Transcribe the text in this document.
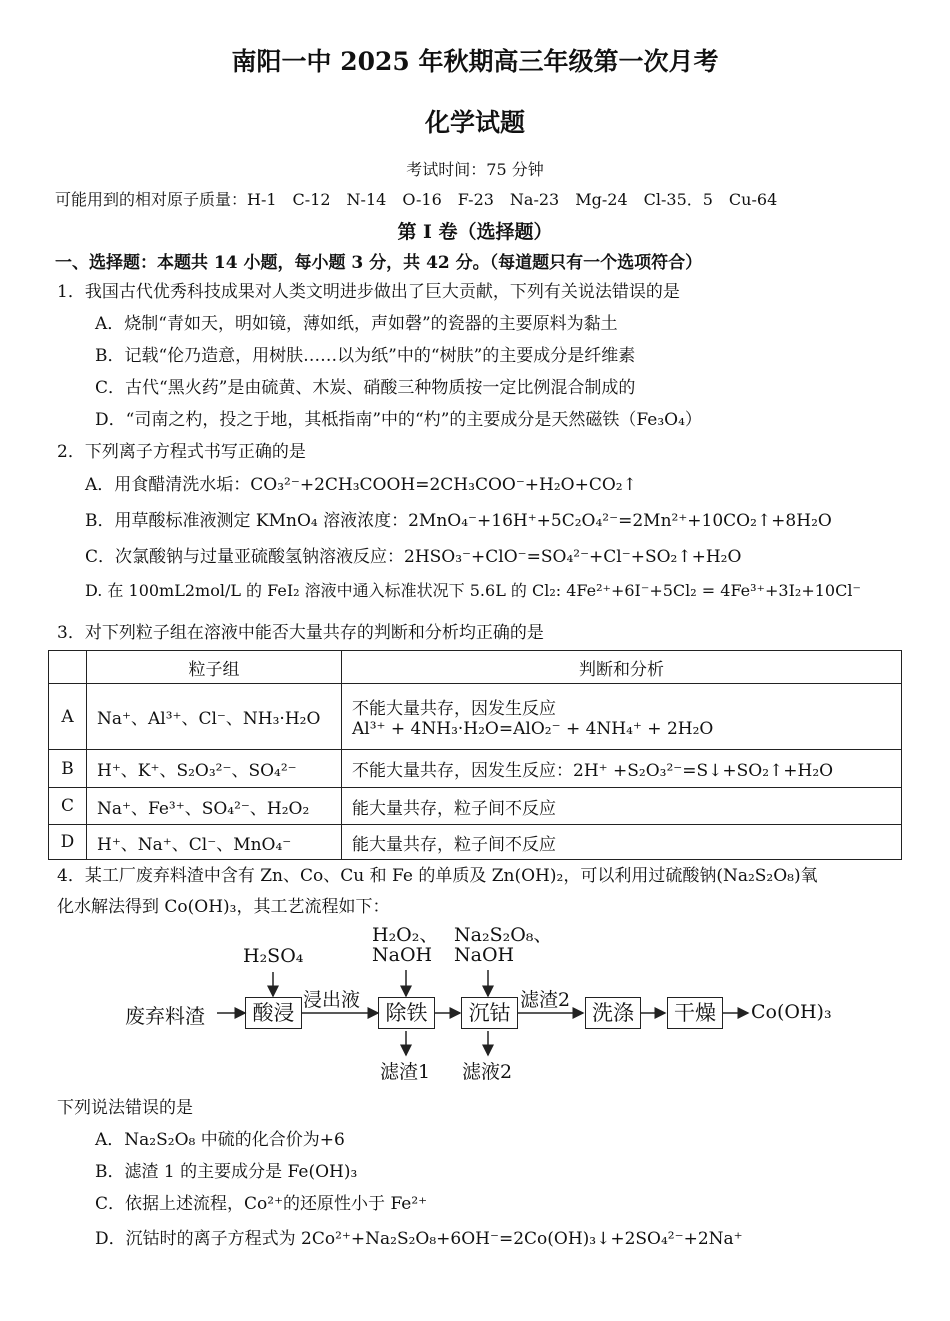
南阳一中 2025 年秋期高三年级第一次月考
化学试题
考试时间：75 分钟
可能用到的相对原子质量：H-1　C-12　N-14　O-16　F-23　Na-23　Mg-24　Cl-35．5　Cu-64
第 I 卷（选择题）
一、选择题：本题共 14 小题，每小题 3 分，共 42 分。（每道题只有一个选项符合）
1．我国古代优秀科技成果对人类文明进步做出了巨大贡献，下列有关说法错误的是
A．烧制“青如天，明如镜，薄如纸，声如磬”的瓷器的主要原料为黏土
B．记载“伦乃造意，用树肤……以为纸”中的“树肤”的主要成分是纤维素
C．古代“黑火药”是由硫黄、木炭、硝酸三种物质按一定比例混合制成的
D．“司南之杓，投之于地，其柢指南”中的“杓”的主要成分是天然磁铁（Fe₃O₄）
2．下列离子方程式书写正确的是
A．用食醋清洗水垢：CO₃²⁻+2CH₃COOH=2CH₃COO⁻+H₂O+CO₂↑
B．用草酸标准液测定 KMnO₄ 溶液浓度：2MnO₄⁻+16H⁺+5C₂O₄²⁻=2Mn²⁺+10CO₂↑+8H₂O
C．次氯酸钠与过量亚硫酸氢钠溶液反应：2HSO₃⁻+ClO⁻=SO₄²⁻+Cl⁻+SO₂↑+H₂O
D. 在 100mL2mol/L 的 FeI₂ 溶液中通入标准状况下 5.6L 的 Cl₂: 4Fe²⁺+6I⁻+5Cl₂ = 4Fe³⁺+3I₂+10Cl⁻
3．对下列粒子组在溶液中能否大量共存的判断和分析均正确的是
	粒子组	判断和分析
A	Na⁺、Al³⁺、Cl⁻、NH₃·H₂O	不能大量共存，因发生反应
Al³⁺ + 4NH₃·H₂O=AlO₂⁻ + 4NH₄⁺ + 2H₂O

B	H⁺、K⁺、S₂O₃²⁻、SO₄²⁻	不能大量共存，因发生反应：2H⁺ +S₂O₃²⁻=S↓+SO₂↑+H₂O
C	Na⁺、Fe³⁺、SO₄²⁻、H₂O₂	能大量共存，粒子间不反应
D	H⁺、Na⁺、Cl⁻、MnO₄⁻	能大量共存，粒子间不反应
4．某工厂废弃料渣中含有 Zn、Co、Cu 和 Fe 的单质及 Zn(OH)₂，可以利用过硫酸钠(Na₂S₂O₈)氧
化水解法得到 Co(OH)₃，其工艺流程如下：
废弃料渣
H₂SO₄
酸浸
浸出液
H₂O₂、
NaOH
除铁
滤渣1
Na₂S₂O₈、
NaOH
沉钴
滤液2
滤渣2
洗涤	干燥	Co(OH)₃
下列说法错误的是
A．Na₂S₂O₈ 中硫的化合价为+6
B．滤渣 1 的主要成分是 Fe(OH)₃
C．依据上述流程，Co²⁺的还原性小于 Fe²⁺
D．沉钴时的离子方程式为 2Co²⁺+Na₂S₂O₈+6OH⁻=2Co(OH)₃↓+2SO₄²⁻+2Na⁺
